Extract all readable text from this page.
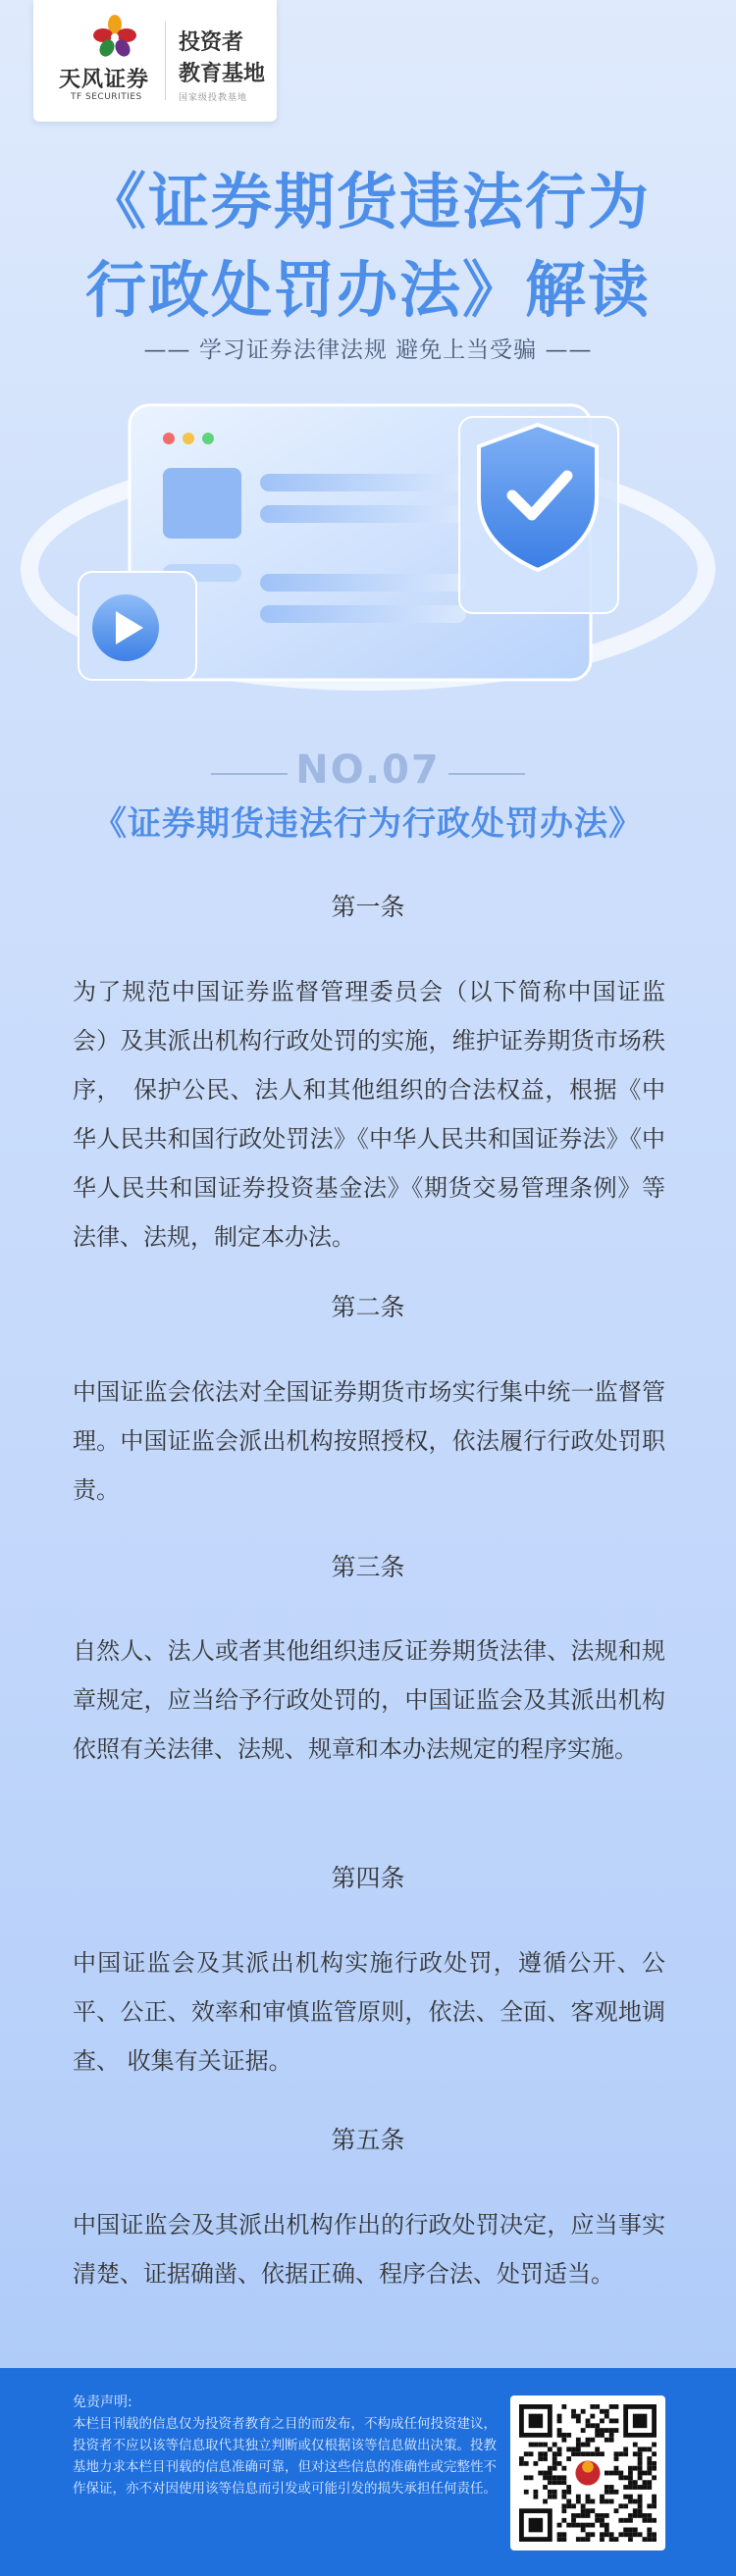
天风证券
TF SECURITIES
投资者
教育基地
国家级投教基地
《证券期货违法行为
行政处罚办法》解读
—— 学习证券法律法规 避免上当受骗 ——
NO.07
《证券期货违法行为行政处罚办法》
第一条
为了规范中国证券监督管理委员会（以下简称中国证监会）及其派出机构行政处罚的实施，维护证券期货市场秩序，　保护公民、法人和其他组织的合法权益，根据《中华人民共和国行政处罚法》《中华人民共和国证券法》《中华人民共和国证券投资基金法》《期货交易管理条例》等法律、法规，制定本办法。
第二条
中国证监会依法对全国证券期货市场实行集中统一监督管理。中国证监会派出机构按照授权，依法履行行政处罚职 责。
第三条
自然人、法人或者其他组织违反证券期货法律、法规和规章规定，应当给予行政处罚的，中国证监会及其派出机构依照有关法律、法规、规章和本办法规定的程序实施。
第四条
中国证监会及其派出机构实施行政处罚，遵循公开、公平、公正、效率和审慎监管原则，依法、全面、客观地调查、 收集有关证据。
第五条
中国证监会及其派出机构作出的行政处罚决定，应当事实清楚、证据确凿、依据正确、程序合法、处罚适当。
免责声明:
本栏目刊载的信息仅为投资者教育之目的而发布，不构成任何投资建议，投资者不应以该等信息取代其独立判断或仅根据该等信息做出决策。投教基地力求本栏目刊载的信息准确可靠，但对这些信息的准确性或完整性不作保证，亦不对因使用该等信息而引发或可能引发的损失承担任何责任。
